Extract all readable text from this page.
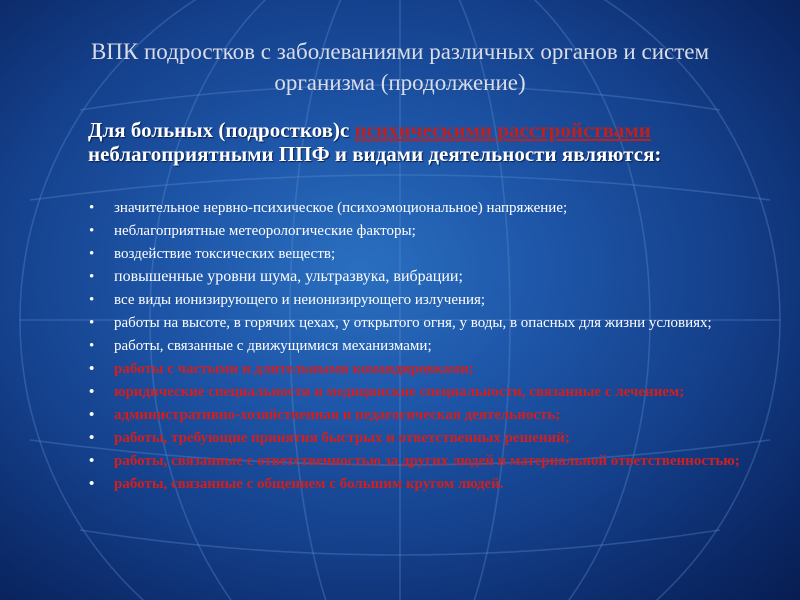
ВПК подростков с заболеваниями различных органов и систем организма (продолжение)
Для больных (подростков)с психическими расстройствами неблагоприятными ППФ и видами деятельности являются:
• значительное нервно-психическое (психоэмоциональное) напряжение;
• неблагоприятные метеорологические факторы;
• воздействие токсических веществ;
• повышенные уровни шума, ультразвука, вибрации;
• все виды ионизирующего и неионизирующего излучения;
• работы на высоте, в горячих цехах, у открытого огня, у воды, в опасных для жизни условиях;
• работы, связанные с движущимися механизмами;
• работы с частыми и длительными командировками;
• юридические специальности и медицинские специальности, связанные с лечением;
• административно-хозяйственная и педагогическая деятельность;
• работы, требующие принятия быстрых и ответственных решений;
• работы, связанные с ответственностью за других людей и материальной ответственностью;
• работы, связанные с общением с большим кругом людей.
